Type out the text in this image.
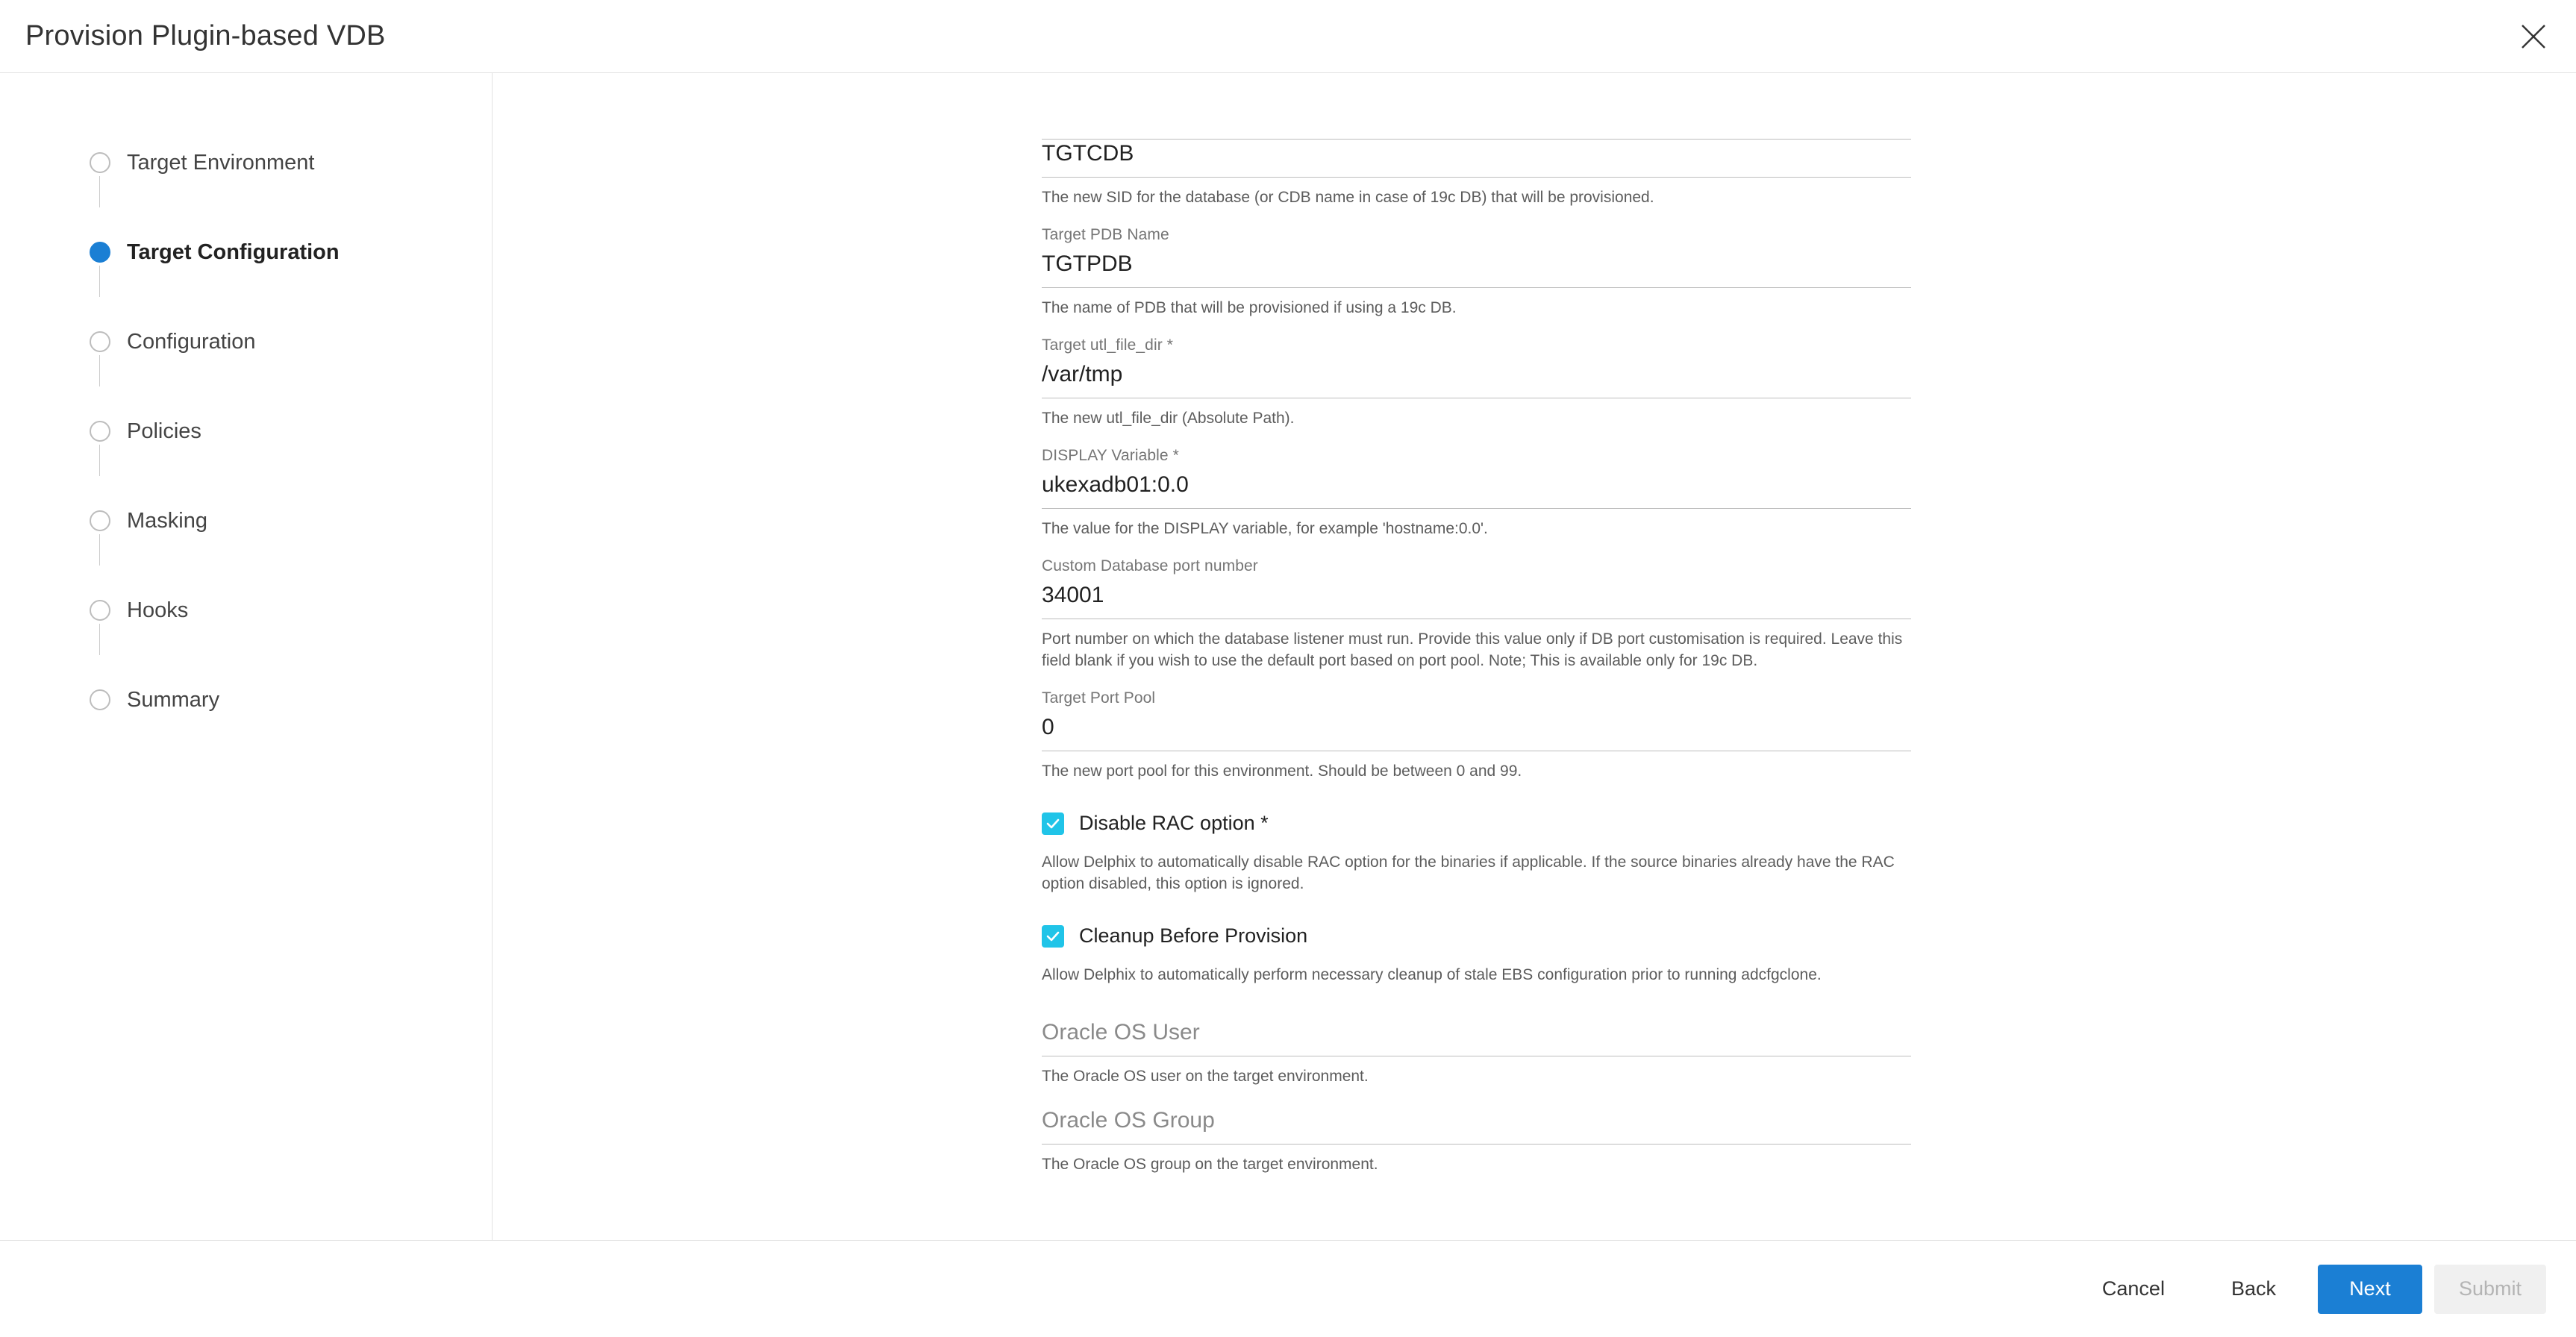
Provision Plugin-based VDB
Target Environment
Target Configuration
Configuration
Policies
Masking
Hooks
Summary
TGTCDB
The new SID for the database (or CDB name in case of 19c DB) that will be provisioned.
Target PDB Name
TGTPDB
The name of PDB that will be provisioned if using a 19c DB.
Target utl_file_dir *
/var/tmp
The new utl_file_dir (Absolute Path).
DISPLAY Variable *
ukexadb01:0.0
The value for the DISPLAY variable, for example 'hostname:0.0'.
Custom Database port number
34001
Port number on which the database listener must run. Provide this value only if DB port customisation is required. Leave this field blank if you wish to use the default port based on port pool. Note; This is available only for 19c DB.
Target Port Pool
0
The new port pool for this environment. Should be between 0 and 99.
Disable RAC option *
Allow Delphix to automatically disable RAC option for the binaries if applicable. If the source binaries already have the RAC option disabled, this option is ignored.
Cleanup Before Provision
Allow Delphix to automatically perform necessary cleanup of stale EBS configuration prior to running adcfgclone.
Oracle OS User
The Oracle OS user on the target environment.
Oracle OS Group
The Oracle OS group on the target environment.
Cancel	Back	Next	Submit
